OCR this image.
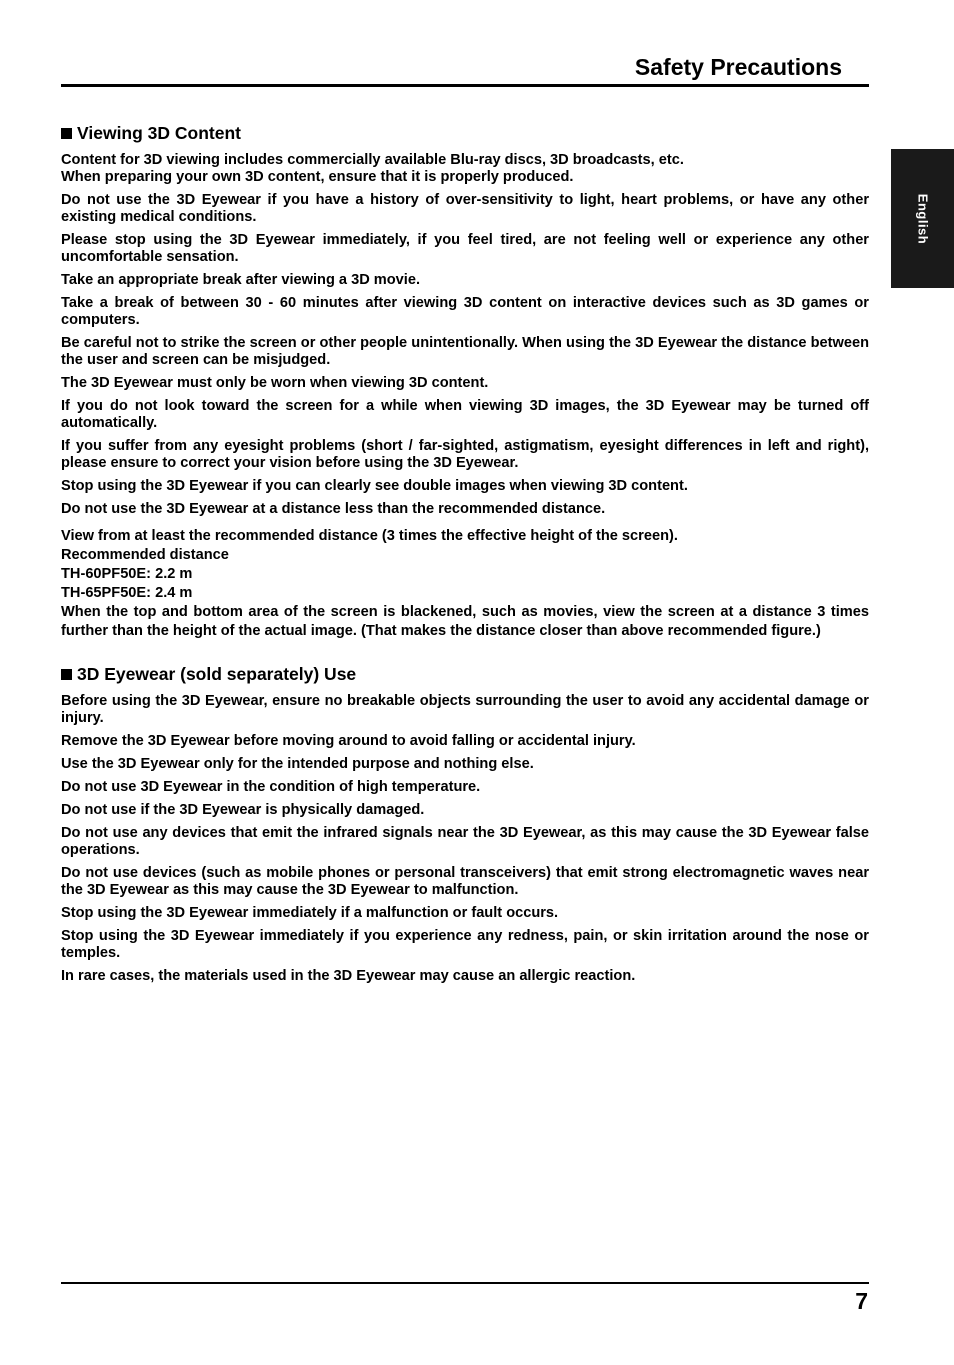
Safety Precautions
English
Viewing 3D Content

Content for 3D viewing includes commercially available Blu-ray discs, 3D broadcasts, etc.
When preparing your own 3D content, ensure that it is properly produced.

Do not use the 3D Eyewear if you have a history of over-sensitivity to light, heart problems, or have any other existing medical conditions.

Please stop using the 3D Eyewear immediately, if you feel tired, are not feeling well or experience any other uncomfortable sensation.

Take an appropriate break after viewing a 3D movie.

Take a break of between 30 - 60 minutes after viewing 3D content on interactive devices such as 3D games or computers.

Be careful not to strike the screen or other people unintentionally. When using the 3D Eyewear the distance between the user and screen can be misjudged.

The 3D Eyewear must only be worn when viewing 3D content.

If you do not look toward the screen for a while when viewing 3D images, the 3D Eyewear may be turned off automatically.

If you suffer from any eyesight problems (short / far-sighted, astigmatism, eyesight differences in left and right), please ensure to correct your vision before using the 3D Eyewear.

Stop using the 3D Eyewear if you can clearly see double images when viewing 3D content.

Do not use the 3D Eyewear at a distance less than the recommended distance.

View from at least the recommended distance (3 times the effective height of the screen).
Recommended distance
TH-60PF50E: 2.2 m
TH-65PF50E: 2.4 m

When the top and bottom area of the screen is blackened, such as movies, view the screen at a distance 3 times further than the height of the actual image. (That makes the distance closer than above recommended figure.)

3D Eyewear (sold separately) Use

Before using the 3D Eyewear, ensure no breakable objects surrounding the user to avoid any accidental damage or injury.

Remove the 3D Eyewear before moving around to avoid falling or accidental injury.

Use the 3D Eyewear only for the intended purpose and nothing else.

Do not use 3D Eyewear in the condition of high temperature.

Do not use if the 3D Eyewear is physically damaged.

Do not use any devices that emit the infrared signals near the 3D Eyewear, as this may cause the 3D Eyewear false operations.

Do not use devices (such as mobile phones or personal transceivers) that emit strong electromagnetic waves near the 3D Eyewear as this may cause the 3D Eyewear to malfunction.

Stop using the 3D Eyewear immediately if a malfunction or fault occurs.

Stop using the 3D Eyewear immediately if you experience any redness, pain, or skin irritation around the nose or temples.

In rare cases, the materials used in the 3D Eyewear may cause an allergic reaction.

7
